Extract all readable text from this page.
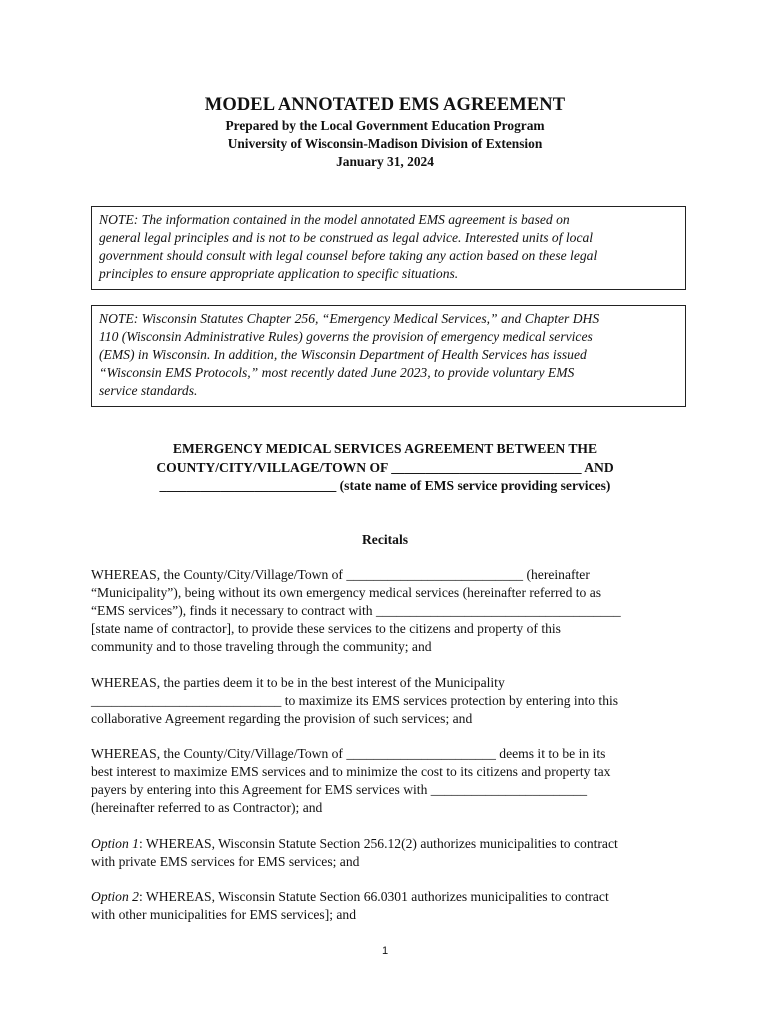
MODEL ANNOTATED EMS AGREEMENT
Prepared by the Local Government Education Program
University of Wisconsin-Madison Division of Extension
January 31, 2024
NOTE: The information contained in the model annotated EMS agreement is based on
general legal principles and is not to be construed as legal advice. Interested units of local
government should consult with legal counsel before taking any action based on these legal
principles to ensure appropriate application to specific situations.
NOTE: Wisconsin Statutes Chapter 256, “Emergency Medical Services,” and Chapter DHS
110 (Wisconsin Administrative Rules) governs the provision of emergency medical services
(EMS) in Wisconsin. In addition, the Wisconsin Department of Health Services has issued
“Wisconsin EMS Protocols,” most recently dated June 2023, to provide voluntary EMS
service standards.
EMERGENCY MEDICAL SERVICES AGREEMENT BETWEEN THE
COUNTY/CITY/VILLAGE/TOWN OF ____________________________ AND
__________________________ (state name of EMS service providing services)
Recitals
WHEREAS, the County/City/Village/Town of __________________________ (hereinafter
“Municipality”), being without its own emergency medical services (hereinafter referred to as
“EMS services”), finds it necessary to contract with ____________________________________
[state name of contractor], to provide these services to the citizens and property of this
community and to those traveling through the community; and
WHEREAS, the parties deem it to be in the best interest of the Municipality
____________________________ to maximize its EMS services protection by entering into this
collaborative Agreement regarding the provision of such services; and
WHEREAS, the County/City/Village/Town of ______________________ deems it to be in its
best interest to maximize EMS services and to minimize the cost to its citizens and property tax
payers by entering into this Agreement for EMS services with _______________________
(hereinafter referred to as Contractor); and
Option 1: WHEREAS, Wisconsin Statute Section 256.12(2) authorizes municipalities to contract
with private EMS services for EMS services; and
Option 2: WHEREAS, Wisconsin Statute Section 66.0301 authorizes municipalities to contract
with other municipalities for EMS services]; and
1
